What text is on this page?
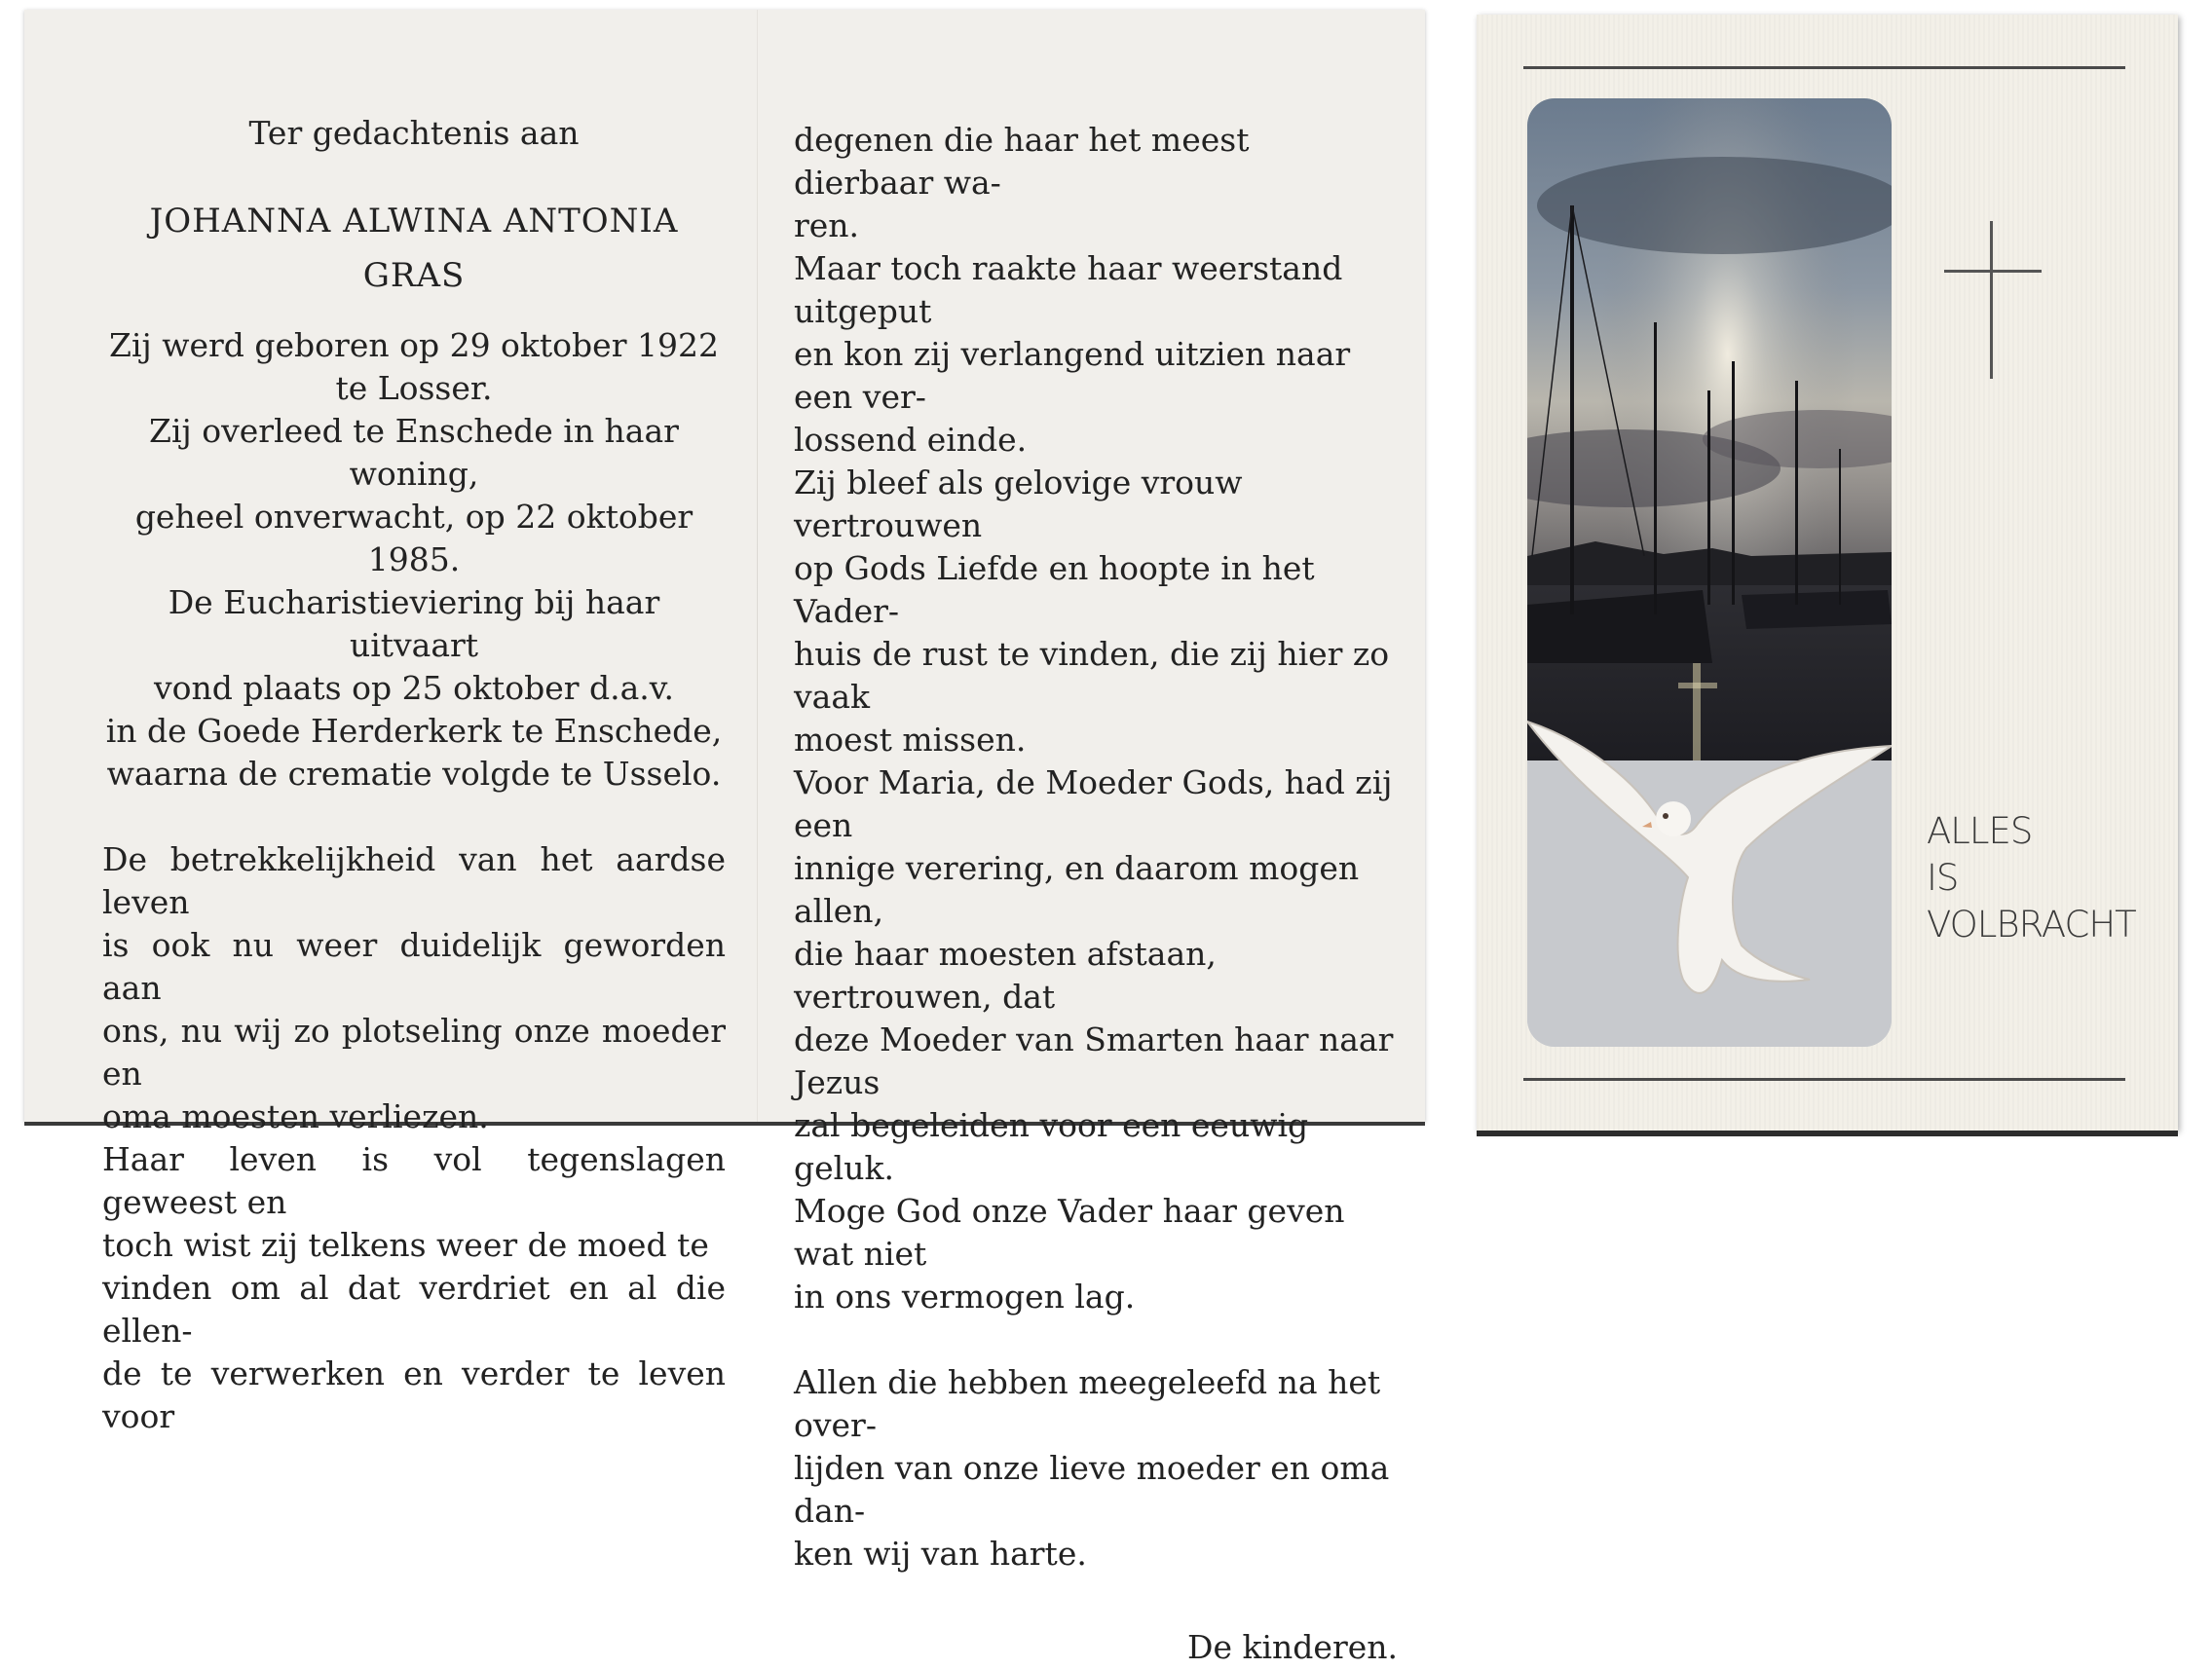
Ter gedachtenis aan
JOHANNA ALWINA ANTONIA
GRAS
Zij werd geboren op 29 oktober 1922
te Losser.
Zij overleed te Enschede in haar woning,
geheel onverwacht, op 22 oktober 1985.
De Eucharistieviering bij haar uitvaart
vond plaats op 25 oktober d.a.v.
in de Goede Herderkerk te Enschede,
waarna de crematie volgde te Usselo.
De betrekkelijkheid van het aardse leven
is ook nu weer duidelijk geworden aan
ons, nu wij zo plotseling onze moeder en
oma moesten verliezen.
Haar leven is vol tegenslagen geweest en
toch wist zij telkens weer de moed te
vinden om al dat verdriet en al die ellen-
de te verwerken en verder te leven voor
degenen die haar het meest dierbaar wa-
ren.
Maar toch raakte haar weerstand uitgeput
en kon zij verlangend uitzien naar een ver-
lossend einde.
Zij bleef als gelovige vrouw vertrouwen
op Gods Liefde en hoopte in het Vader-
huis de rust te vinden, die zij hier zo vaak
moest missen.
Voor Maria, de Moeder Gods, had zij een
innige verering, en daarom mogen allen,
die haar moesten afstaan, vertrouwen, dat
deze Moeder van Smarten haar naar Jezus
zal begeleiden voor een eeuwig geluk.
Moge God onze Vader haar geven wat niet
in ons vermogen lag.
Allen die hebben meegeleefd na het over-
lijden van onze lieve moeder en oma dan-
ken wij van harte.
De kinderen.
ALLES
IS
VOLBRACHT
